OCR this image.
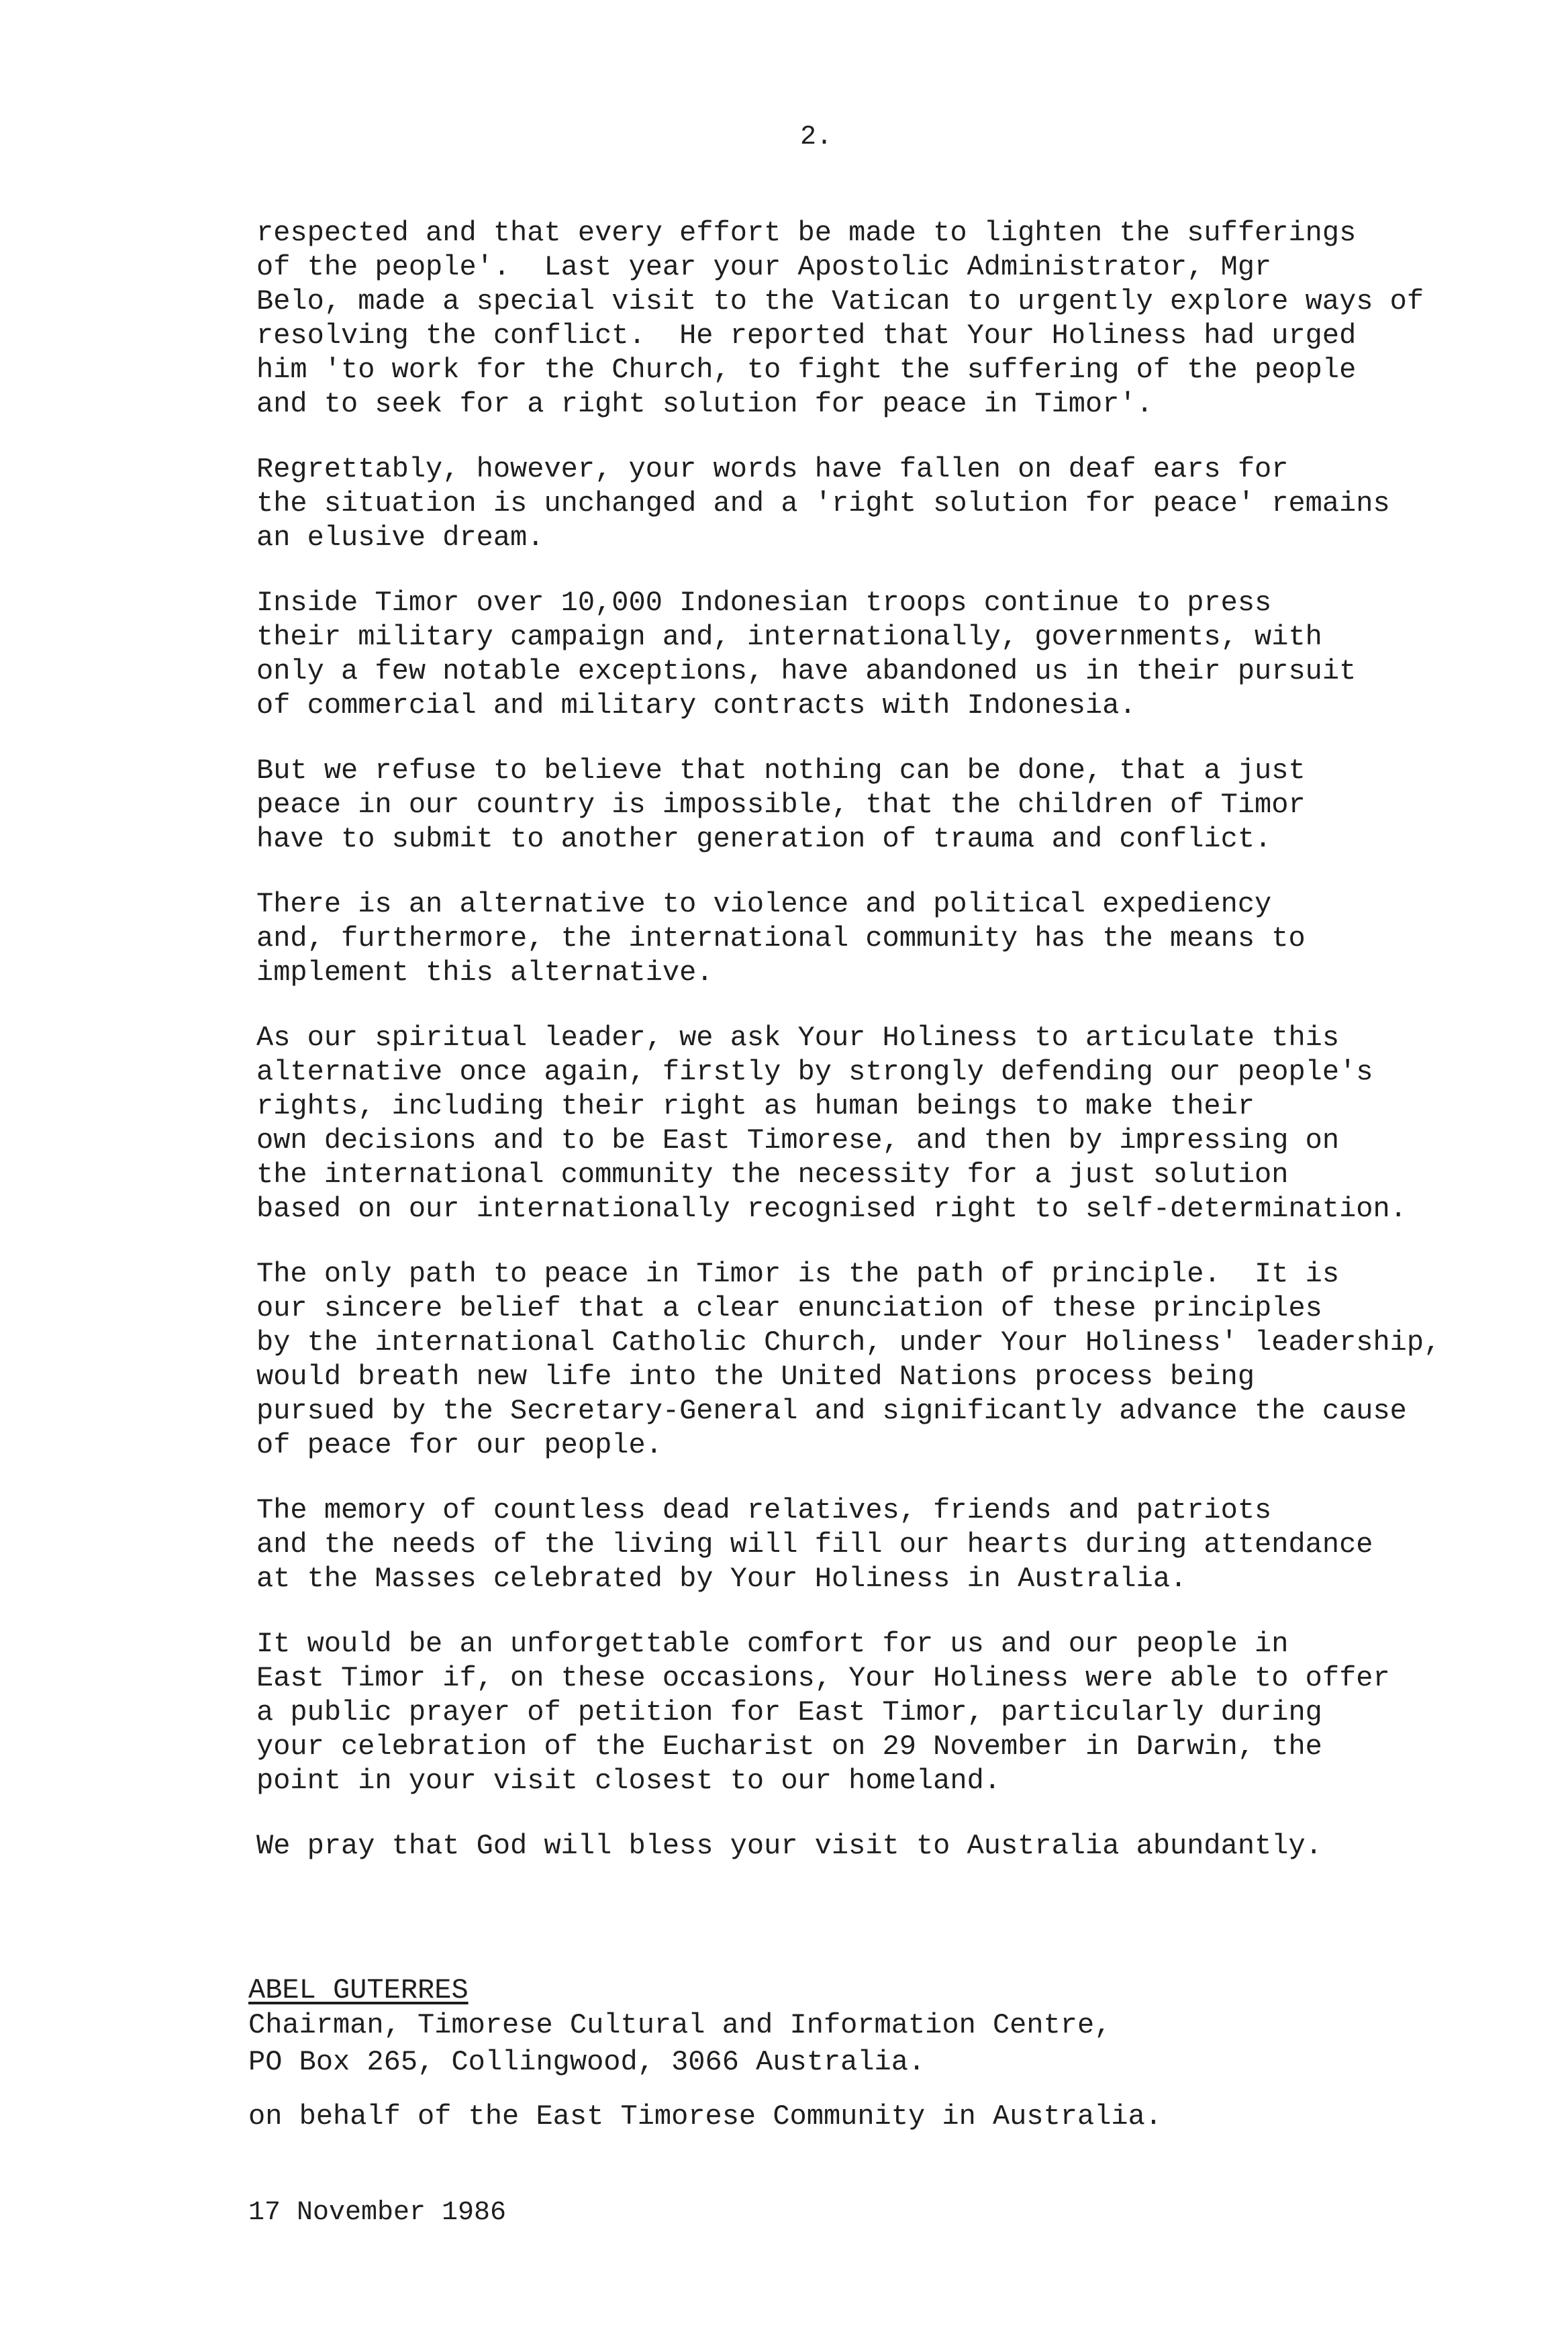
2.
respected and that every effort be made to lighten the sufferings
of the people'.  Last year your Apostolic Administrator, Mgr
Belo, made a special visit to the Vatican to urgently explore ways of
resolving the conflict.  He reported that Your Holiness had urged
him 'to work for the Church, to fight the suffering of the people
and to seek for a right solution for peace in Timor'.
Regrettably, however, your words have fallen on deaf ears for
the situation is unchanged and a 'right solution for peace' remains
an elusive dream.
Inside Timor over 10,000 Indonesian troops continue to press
their military campaign and, internationally, governments, with
only a few notable exceptions, have abandoned us in their pursuit
of commercial and military contracts with Indonesia.
But we refuse to believe that nothing can be done, that a just
peace in our country is impossible, that the children of Timor
have to submit to another generation of trauma and conflict.
There is an alternative to violence and political expediency
and, furthermore, the international community has the means to
implement this alternative.
As our spiritual leader, we ask Your Holiness to articulate this
alternative once again, firstly by strongly defending our people's
rights, including their right as human beings to make their
own decisions and to be East Timorese, and then by impressing on
the international community the necessity for a just solution
based on our internationally recognised right to self-determination.
The only path to peace in Timor is the path of principle.  It is
our sincere belief that a clear enunciation of these principles
by the international Catholic Church, under Your Holiness' leadership,
would breath new life into the United Nations process being
pursued by the Secretary-General and significantly advance the cause
of peace for our people.
The memory of countless dead relatives, friends and patriots
and the needs of the living will fill our hearts during attendance
at the Masses celebrated by Your Holiness in Australia.
It would be an unforgettable comfort for us and our people in
East Timor if, on these occasions, Your Holiness were able to offer
a public prayer of petition for East Timor, particularly during
your celebration of the Eucharist on 29 November in Darwin, the
point in your visit closest to our homeland.
We pray that God will bless your visit to Australia abundantly.
ABEL GUTERRES
Chairman, Timorese Cultural and Information Centre,
PO Box 265, Collingwood, 3066 Australia.
on behalf of the East Timorese Community in Australia.
17 November 1986
